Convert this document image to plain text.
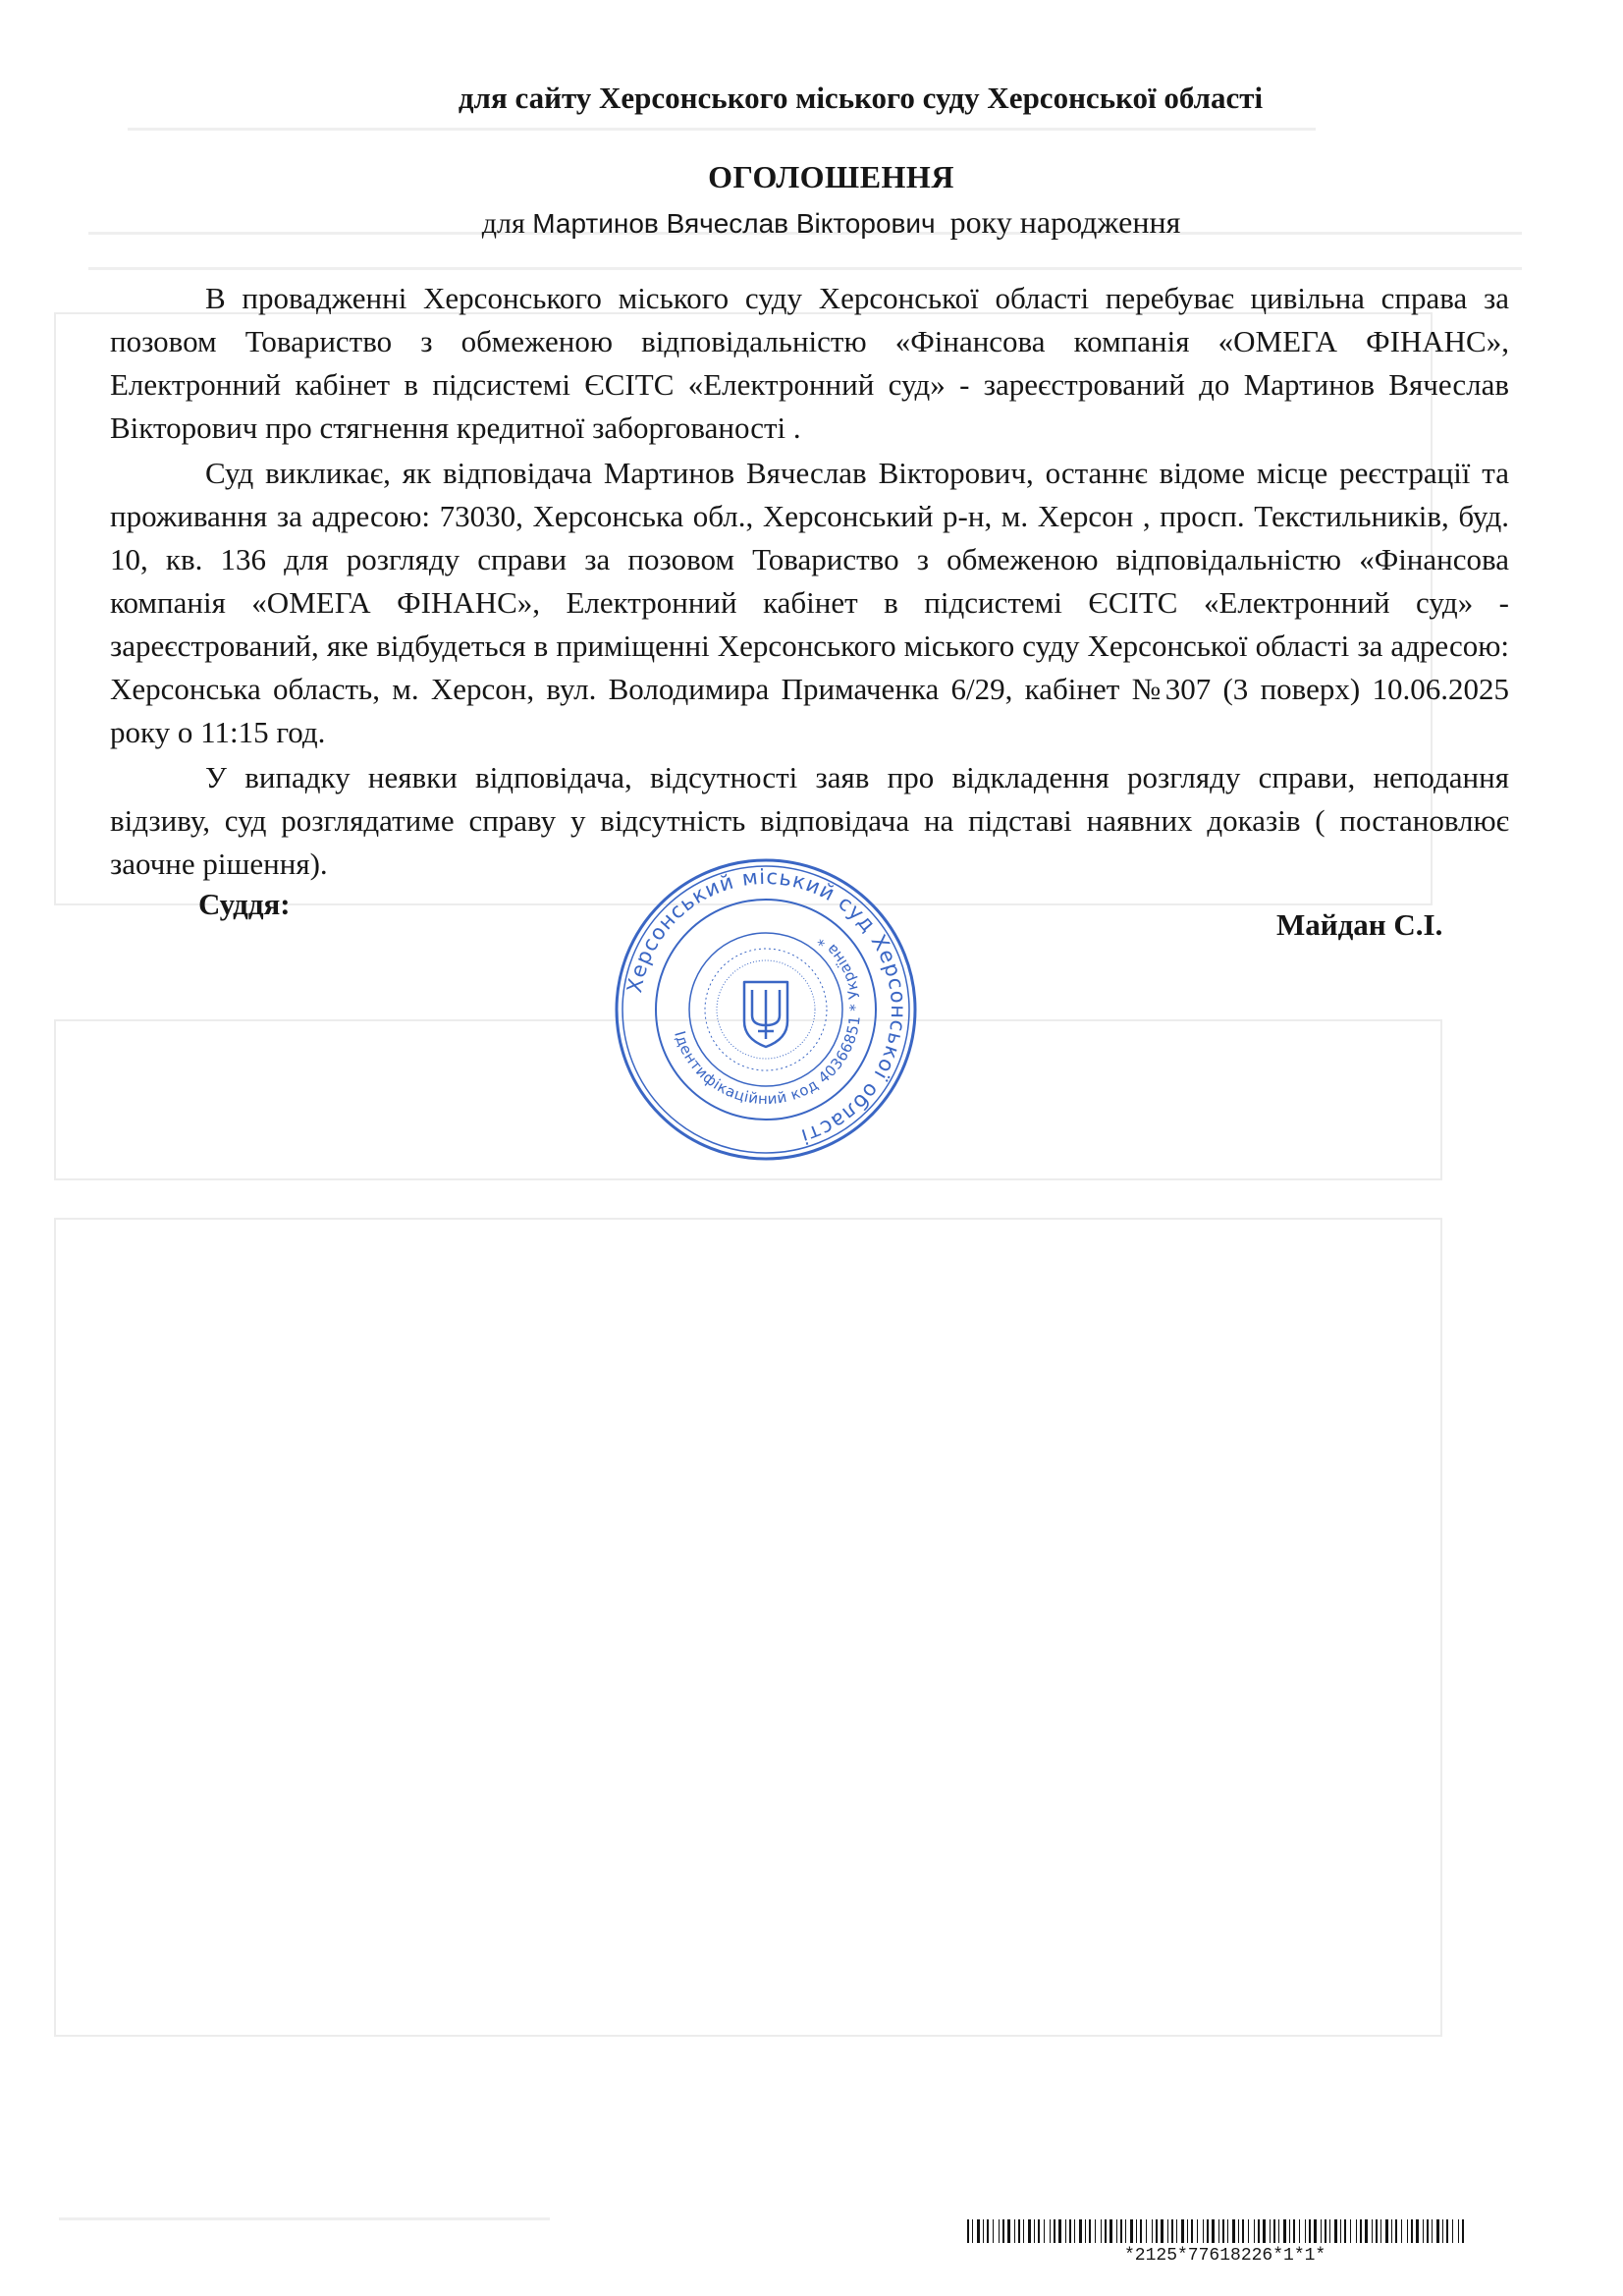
для сайту Херсонського міського суду Херсонської області
ОГОЛОШЕННЯ
для Мартинов Вячеслав Вікторович року народження

В провадженні Херсонського міського суду Херсонської області перебуває цивільна справа за позовом Товариство з обмеженою відповідальністю «Фінансова компанія «ОМЕГА ФІНАНС», Електронний кабінет в підсистемі ЄСІТС «Електронний суд» - зареєстрований до Мартинов Вячеслав Вікторович про стягнення кредитної заборгованості .

Суд викликає, як відповідача Мартинов Вячеслав Вікторович, останнє відоме місце реєстрації та проживання за адресою: 73030, Херсонська обл., Херсонський р-н, м. Херсон , просп. Текстильників, буд. 10, кв. 136 для розгляду справи за позовом Товариство з обмеженою відповідальністю «Фінансова компанія «ОМЕГА ФІНАНС», Електронний кабінет в підсистемі ЄСІТС «Електронний суд» - зареєстрований, яке відбудеться в приміщенні Херсонського міського суду Херсонської області за адресою: Херсонська область, м. Херсон, вул. Володимира Примаченка 6/29, кабінет №307 (3 поверх) 10.06.2025 року о 11:15 год.

У випадку неявки відповідача, відсутності заяв про відкладення розгляду справи, неподання відзиву, суд розглядатиме справу у відсутність відповідача на підставі наявних доказів ( постановлює заочне рішення).

Суддя:
Майдан С.І.
Херсонський міський суд Херсонської області
Ідентифікаційний код 40366851 * Україна *
*2125*77618226*1*1*
